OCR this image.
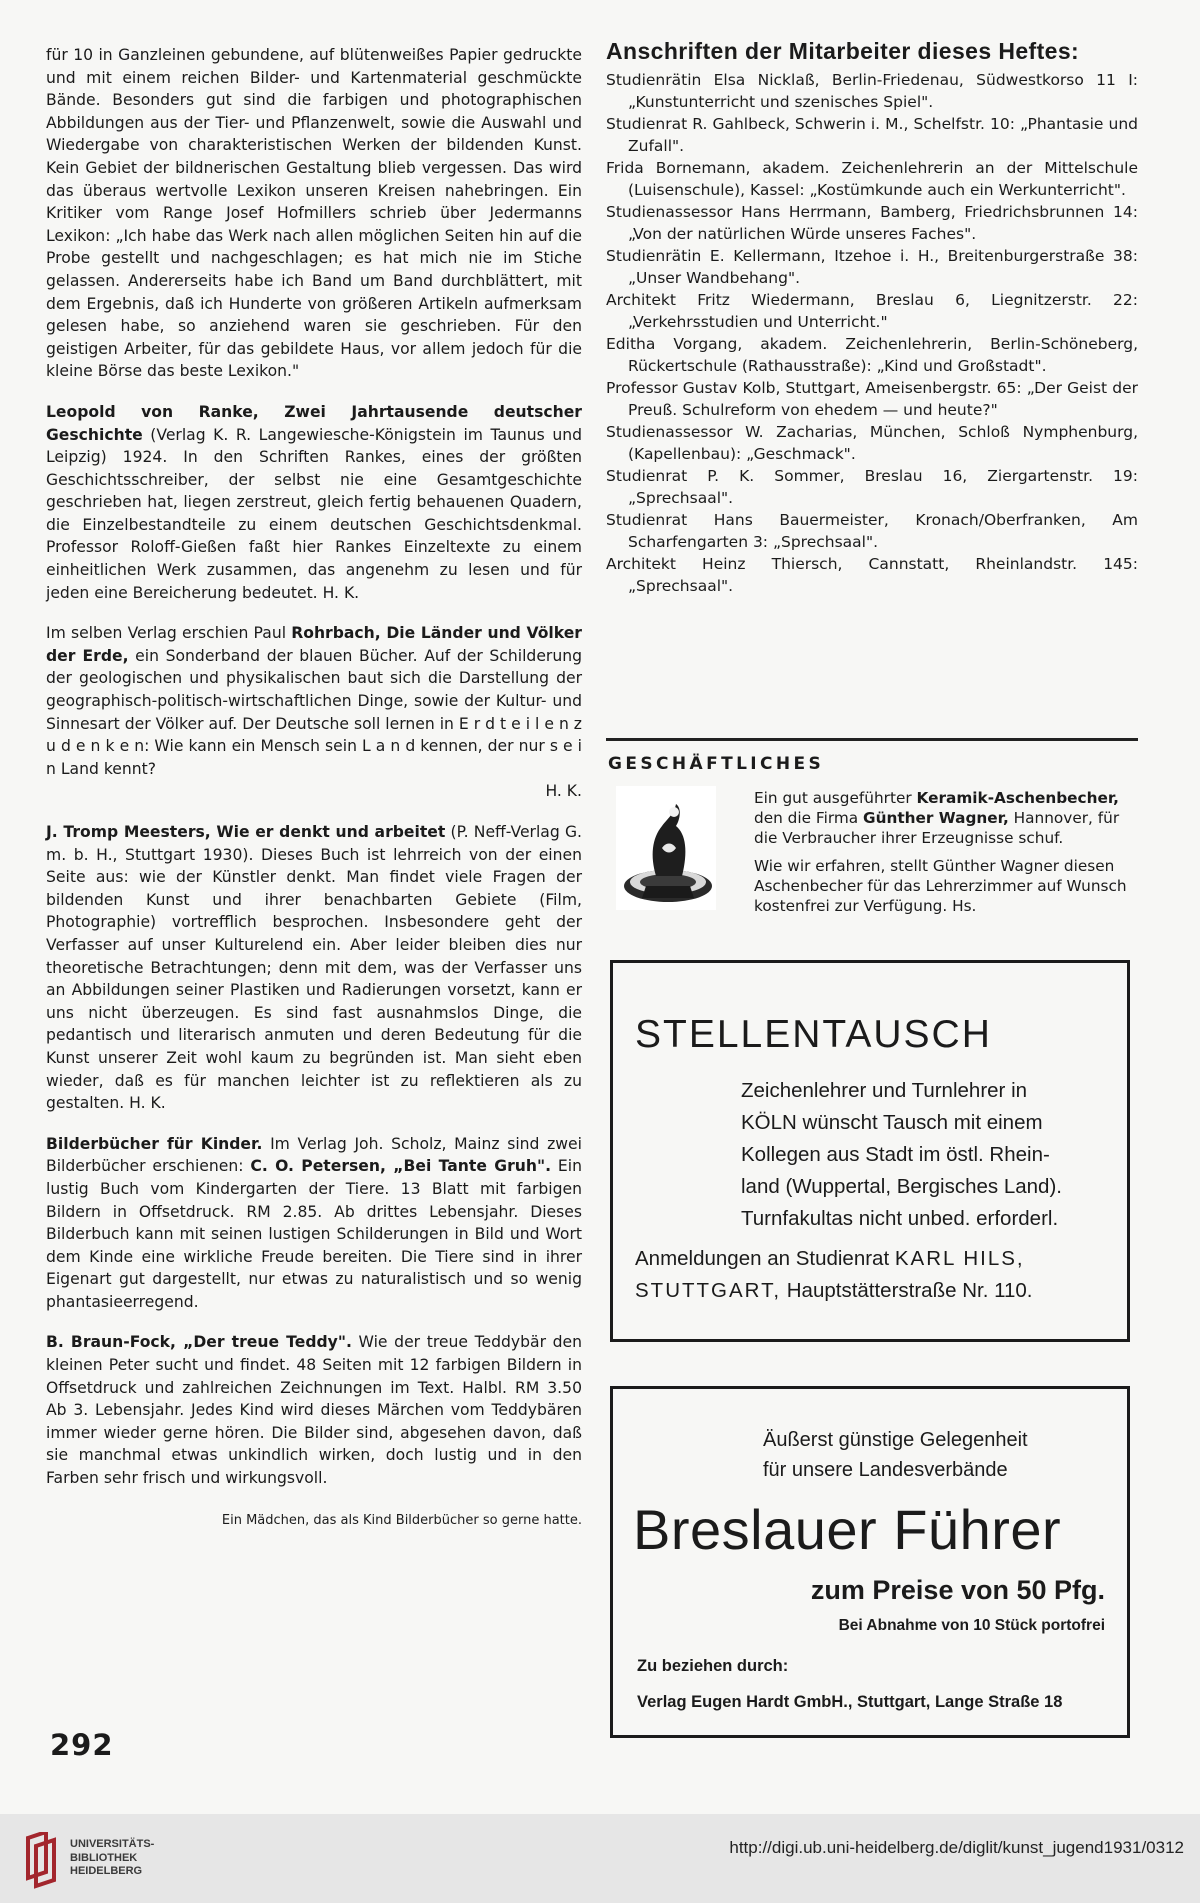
für 10 in Ganzleinen gebundene, auf blütenweißes Papier gedruckte und mit einem reichen Bilder- und Kartenmaterial geschmückte Bände. Besonders gut sind die farbigen und photographischen Abbildungen aus der Tier- und Pflanzenwelt, sowie die Auswahl und Wiedergabe von charakteristischen Werken der bildenden Kunst. Kein Gebiet der bildnerischen Gestaltung blieb vergessen. Das wird das überaus wertvolle Lexikon unseren Kreisen nahebringen. Ein Kritiker vom Range Josef Hofmillers schrieb über Jedermanns Lexikon: „Ich habe das Werk nach allen möglichen Seiten hin auf die Probe gestellt und nachgeschlagen; es hat mich nie im Stiche gelassen. Andererseits habe ich Band um Band durchblättert, mit dem Ergebnis, daß ich Hunderte von größeren Artikeln aufmerksam gelesen habe, so anziehend waren sie geschrieben. Für den geistigen Arbeiter, für das gebildete Haus, vor allem jedoch für die kleine Börse das beste Lexikon."

Leopold von Ranke, Zwei Jahrtausende deutscher Geschichte (Verlag K. R. Langewiesche-Königstein im Taunus und Leipzig) 1924. In den Schriften Rankes, eines der größten Geschichtsschreiber, der selbst nie eine Gesamtgeschichte geschrieben hat, liegen zerstreut, gleich fertig behauenen Quadern, die Einzelbestandteile zu einem deutschen Geschichtsdenkmal. Professor Roloff-Gießen faßt hier Rankes Einzeltexte zu einem einheitlichen Werk zusammen, das angenehm zu lesen und für jeden eine Bereicherung bedeutet. H. K.

Im selben Verlag erschien Paul Rohrbach, Die Länder und Völker der Erde, ein Sonderband der blauen Bücher. Auf der Schilderung der geologischen und physikalischen baut sich die Darstellung der geographisch-politisch-wirtschaftlichen Dinge, sowie der Kultur- und Sinnesart der Völker auf. Der Deutsche soll lernen in E r d t e i l e n z u d e n k e n: Wie kann ein Mensch sein L a n d kennen, der nur s e i n Land kennt?
H. K.

J. Tromp Meesters, Wie er denkt und arbeitet (P. Neff-Verlag G. m. b. H., Stuttgart 1930). Dieses Buch ist lehrreich von der einen Seite aus: wie der Künstler denkt. Man findet viele Fragen der bildenden Kunst und ihrer benachbarten Gebiete (Film, Photographie) vortrefflich besprochen. Insbesondere geht der Verfasser auf unser Kulturelend ein. Aber leider bleiben dies nur theoretische Betrachtungen; denn mit dem, was der Verfasser uns an Abbildungen seiner Plastiken und Radierungen vorsetzt, kann er uns nicht überzeugen. Es sind fast ausnahmslos Dinge, die pedantisch und literarisch anmuten und deren Bedeutung für die Kunst unserer Zeit wohl kaum zu begründen ist. Man sieht eben wieder, daß es für manchen leichter ist zu reflektieren als zu gestalten. H. K.

Bilderbücher für Kinder. Im Verlag Joh. Scholz, Mainz sind zwei Bilderbücher erschienen: C. O. Petersen, „Bei Tante Gruh". Ein lustig Buch vom Kindergarten der Tiere. 13 Blatt mit farbigen Bildern in Offsetdruck. RM 2.85. Ab drittes Lebensjahr. Dieses Bilderbuch kann mit seinen lustigen Schilderungen in Bild und Wort dem Kinde eine wirkliche Freude bereiten. Die Tiere sind in ihrer Eigenart gut dargestellt, nur etwas zu naturalistisch und so wenig phantasieerregend.

B. Braun-Fock, „Der treue Teddy". Wie der treue Teddybär den kleinen Peter sucht und findet. 48 Seiten mit 12 farbigen Bildern in Offsetdruck und zahlreichen Zeichnungen im Text. Halbl. RM 3.50 Ab 3. Lebensjahr. Jedes Kind wird dieses Märchen vom Teddybären immer wieder gerne hören. Die Bilder sind, abgesehen davon, daß sie manchmal etwas unkindlich wirken, doch lustig und in den Farben sehr frisch und wirkungsvoll.

Ein Mädchen, das als Kind Bilderbücher so gerne hatte.
292
Anschriften der Mitarbeiter dieses Heftes:

Studienrätin Elsa Nicklaß, Berlin-Friedenau, Südwestkorso 11 I: „Kunstunterricht und szenisches Spiel".

Studienrat R. Gahlbeck, Schwerin i. M., Schelfstr. 10: „Phantasie und Zufall".

Frida Bornemann, akadem. Zeichenlehrerin an der Mittelschule (Luisenschule), Kassel: „Kostümkunde auch ein Werkunterricht".

Studienassessor Hans Herrmann, Bamberg, Friedrichsbrunnen 14: „Von der natürlichen Würde unseres Faches".

Studienrätin E. Kellermann, Itzehoe i. H., Breitenburgerstraße 38: „Unser Wandbehang".

Architekt Fritz Wiedermann, Breslau 6, Liegnitzerstr. 22: „Verkehrsstudien und Unterricht."

Editha Vorgang, akadem. Zeichenlehrerin, Berlin-Schöneberg, Rückertschule (Rathausstraße): „Kind und Großstadt".

Professor Gustav Kolb, Stuttgart, Ameisenbergstr. 65: „Der Geist der Preuß. Schulreform von ehedem — und heute?"

Studienassessor W. Zacharias, München, Schloß Nymphenburg, (Kapellenbau): „Geschmack".

Studienrat P. K. Sommer, Breslau 16, Ziergartenstr. 19: „Sprechsaal".

Studienrat Hans Bauermeister, Kronach/Oberfranken, Am Scharfengarten 3: „Sprechsaal".

Architekt Heinz Thiersch, Cannstatt, Rheinlandstr. 145: „Sprechsaal".

GESCHÄFTLICHES

Ein gut ausgeführter Keramik-Aschenbecher, den die Firma Günther Wagner, Hannover, für die Verbraucher ihrer Erzeugnisse schuf.

Wie wir erfahren, stellt Günther Wagner diesen Aschenbecher für das Lehrerzimmer auf Wunsch kostenfrei zur Verfügung. Hs.

STELLENTAUSCH
Zeichenlehrer und Turnlehrer in
KÖLN wünscht Tausch mit einem
Kollegen aus Stadt im östl. Rhein-
land (Wuppertal, Bergisches Land).
Turnfakultas nicht unbed. erforderl.
Anmeldungen an Studienrat KARL HILS,
STUTTGART, Hauptstätterstraße Nr. 110.
Äußerst günstige Gelegenheit
für unsere Landesverbände
Breslauer Führer
zum Preise von 50 Pfg.
Bei Abnahme von 10 Stück portofrei
Zu beziehen durch:
Verlag Eugen Hardt GmbH., Stuttgart, Lange Straße 18
UNIVERSITÄTS-
BIBLIOTHEK
HEIDELBERG
http://digi.ub.uni-heidelberg.de/diglit/kunst_jugend1931/0312
